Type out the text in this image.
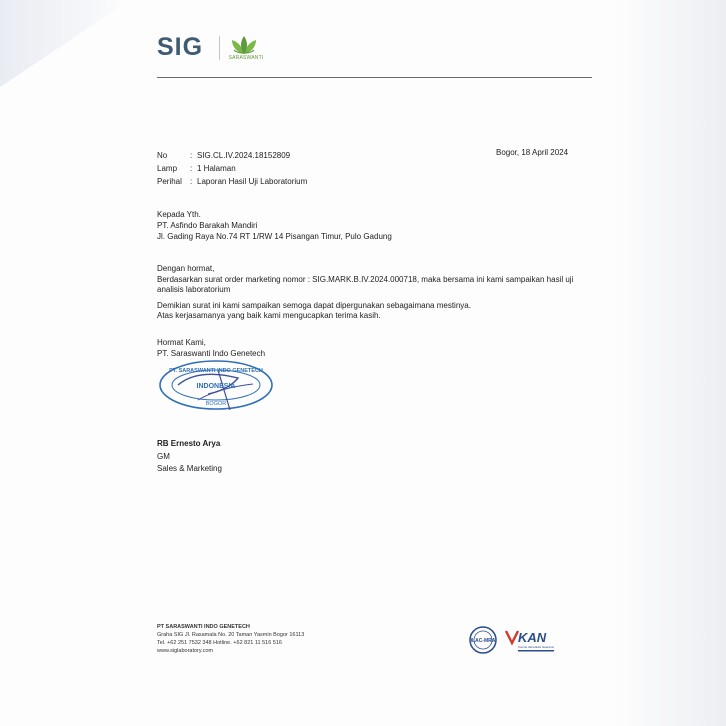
SIG	SARASWANTI
Bogor, 18 April 2024
No	: SIG.CL.IV.2024.18152809
Lamp : 1 Halaman
Perihal : Laporan Hasil Uji Laboratorium
Kepada Yth.
PT. Asfindo Barakah Mandiri
Jl. Gading Raya No.74 RT 1/RW 14 Pisangan Timur, Pulo Gadung
Dengan hormat,
Berdasarkan surat order marketing nomor : SIG.MARK.B.IV.2024.000718, maka bersama ini kami sampaikan hasil uji
analisis laboratorium
Demikian surat ini kami sampaikan semoga dapat dipergunakan sebagaimana mestinya.
Atas kerjasamanya yang baik kami mengucapkan terima kasih.
Hormat Kami,
PT. Saraswanti Indo Genetech
PT. SARASWANTI INDO GENETECH
INDONESIA
BOGOR
RB Ernesto Arya
GM
Sales & Marketing
PT SARASWANTI INDO GENETECH
Graha SIG Jl. Rasamala No. 20 Taman Yasmin Bogor 16113
Tel. +62 251 7532 348 Hotline. +62 821 11 516 516
www.siglaboratory.com
ILAC-MRA KAN
Komite Akreditasi Nasional
